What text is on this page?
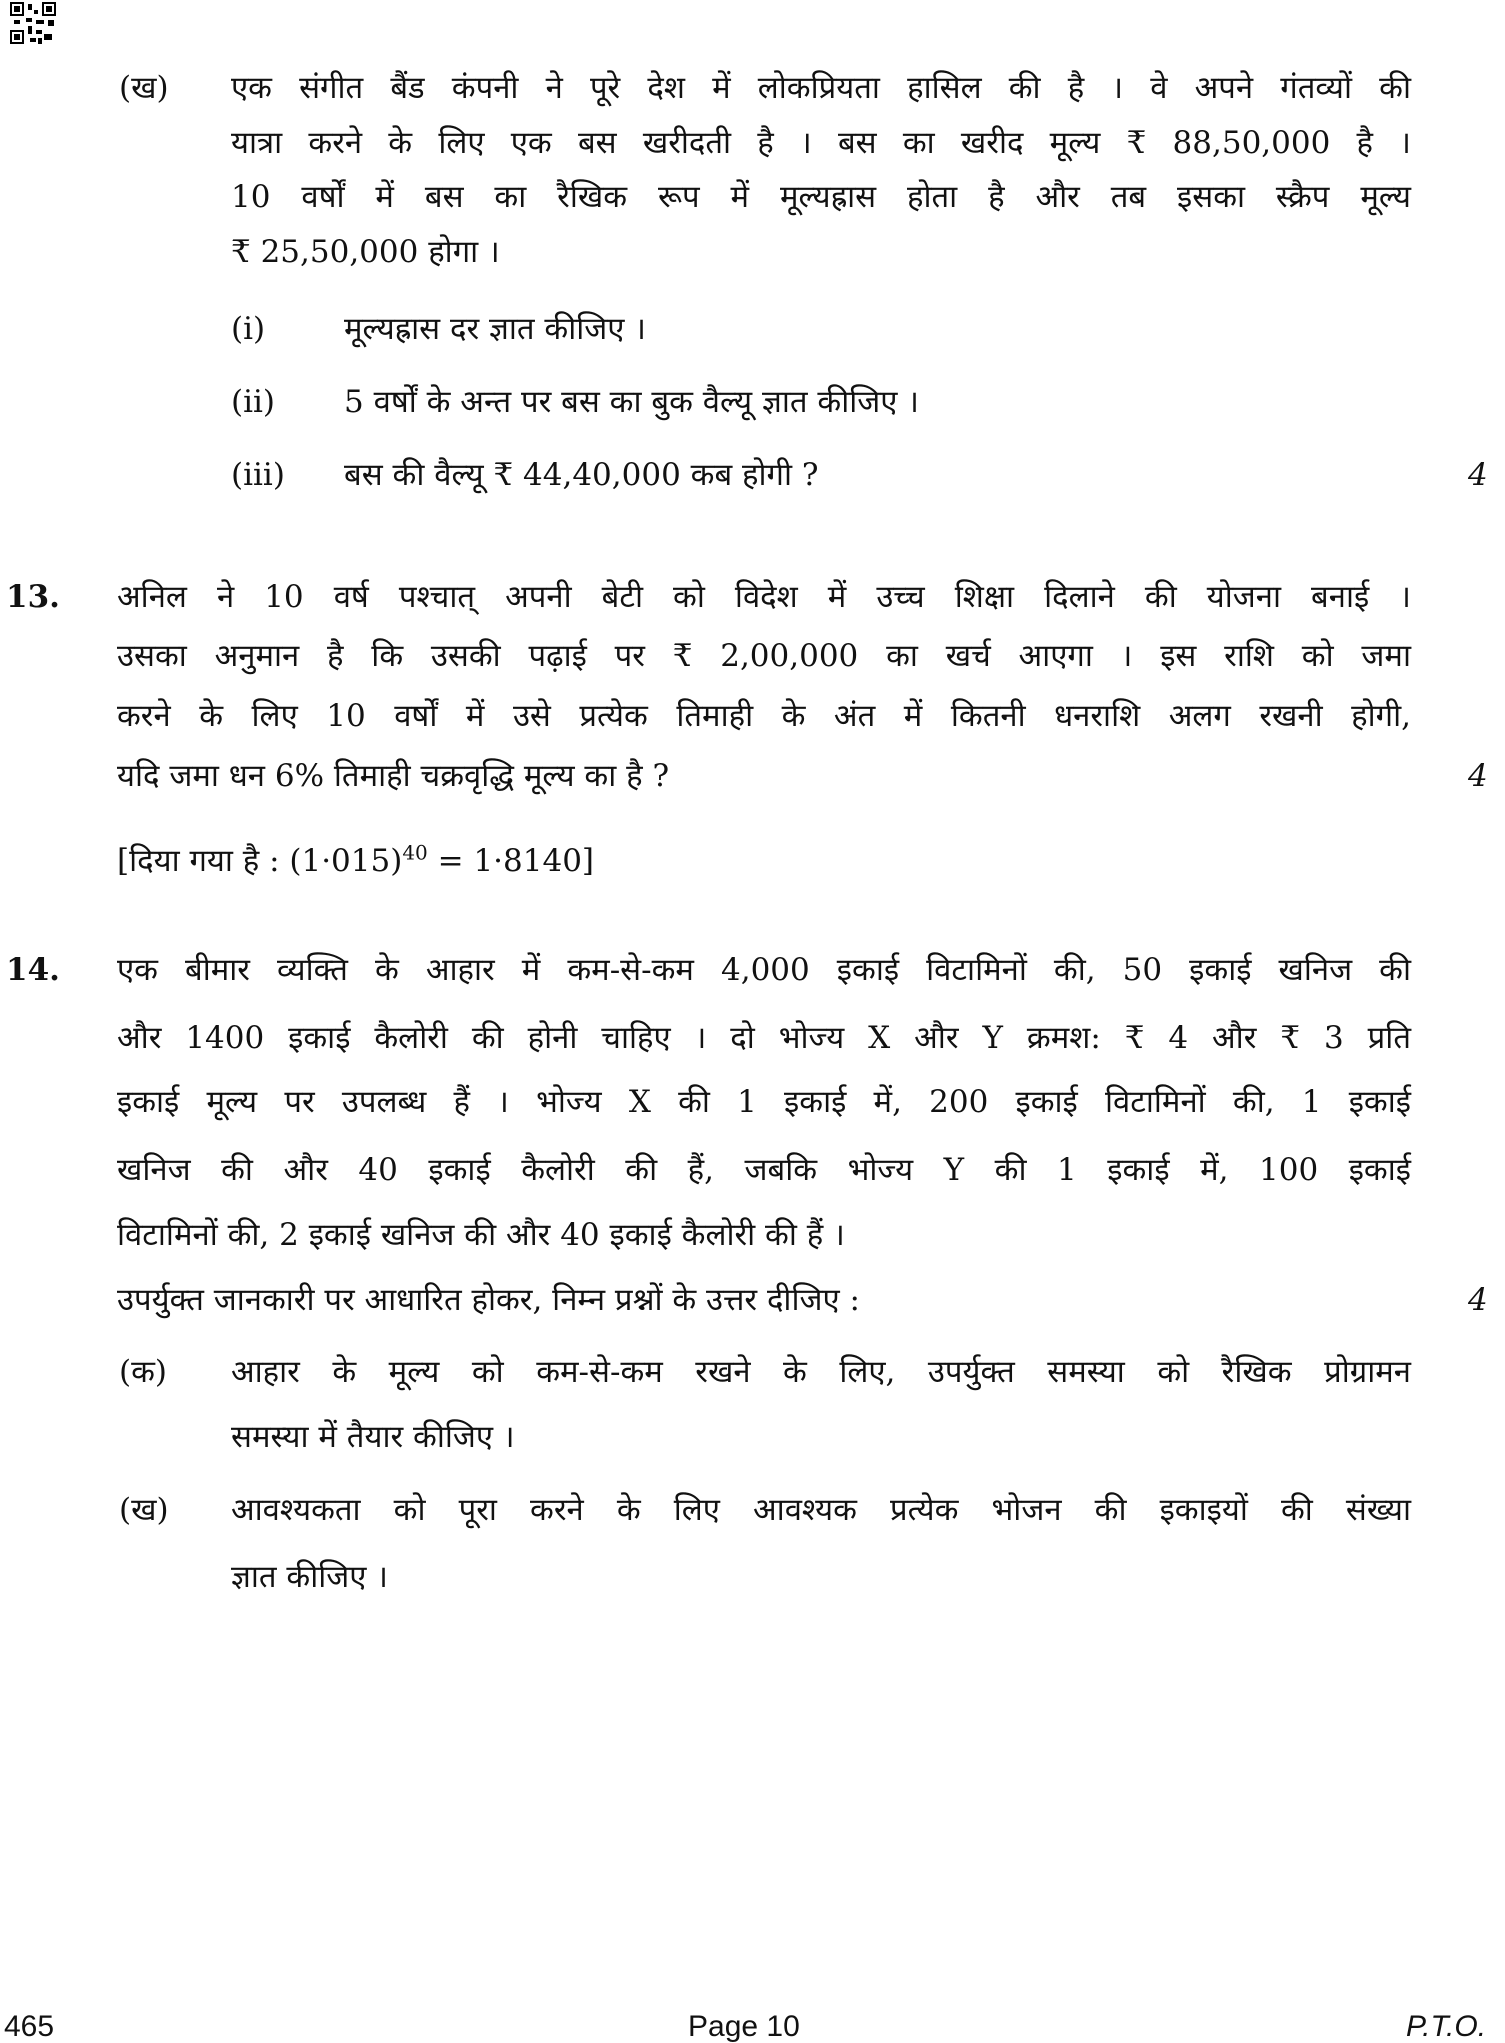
(ख) एक संगीत बैंड कंपनी ने पूरे देश में लोकप्रियता हासिल की है । वे अपने गंतव्यों की
यात्रा करने के लिए एक बस खरीदती है । बस का खरीद मूल्य ₹ 88,50,000 है ।
10 वर्षों में बस का रैखिक रूप में मूल्यह्रास होता है और तब इसका स्क्रैप मूल्य
₹ 25,50,000 होगा ।
(i)	मूल्यह्रास दर ज्ञात कीजिए ।
(ii) 5 वर्षों के अन्त पर बस का बुक वैल्यू ज्ञात कीजिए ।
(iii) बस की वैल्यू ₹ 44,40,000 कब होगी ?	4
13. अनिल ने 10 वर्ष पश्चात् अपनी बेटी को विदेश में उच्च शिक्षा दिलाने की योजना बनाई ।
उसका अनुमान है कि उसकी पढ़ाई पर ₹ 2,00,000 का खर्च आएगा । इस राशि को जमा
करने के लिए 10 वर्षों में उसे प्रत्येक तिमाही के अंत में कितनी धनराशि अलग रखनी होगी,
यदि जमा धन 6% तिमाही चक्रवृद्धि मूल्य का है ?	4
[दिया गया है : $(1\cdot 015)^{40} = 1\cdot 8140$]
14. एक बीमार व्यक्ति के आहार में कम-से-कम 4,000 इकाई विटामिनों की, 50 इकाई खनिज की
और 1400 इकाई कैलोरी की होनी चाहिए । दो भोज्य X और Y क्रमश: ₹ 4 और ₹ 3 प्रति
इकाई मूल्य पर उपलब्ध हैं । भोज्य X की 1 इकाई में, 200 इकाई विटामिनों की, 1 इकाई
खनिज की और 40 इकाई कैलोरी की हैं, जबकि भोज्य Y की 1 इकाई में, 100 इकाई
विटामिनों की, 2 इकाई खनिज की और 40 इकाई कैलोरी की हैं ।
उपर्युक्त जानकारी पर आधारित होकर, निम्न प्रश्नों के उत्तर दीजिए :	4
(क) आहार के मूल्य को कम-से-कम रखने के लिए, उपर्युक्त समस्या को रैखिक प्रोग्रामन
समस्या में तैयार कीजिए ।
(ख) आवश्यकता को पूरा करने के लिए आवश्यक प्रत्येक भोजन की इकाइयों की संख्या
ज्ञात कीजिए ।
465	Page 10	P.T.O.
